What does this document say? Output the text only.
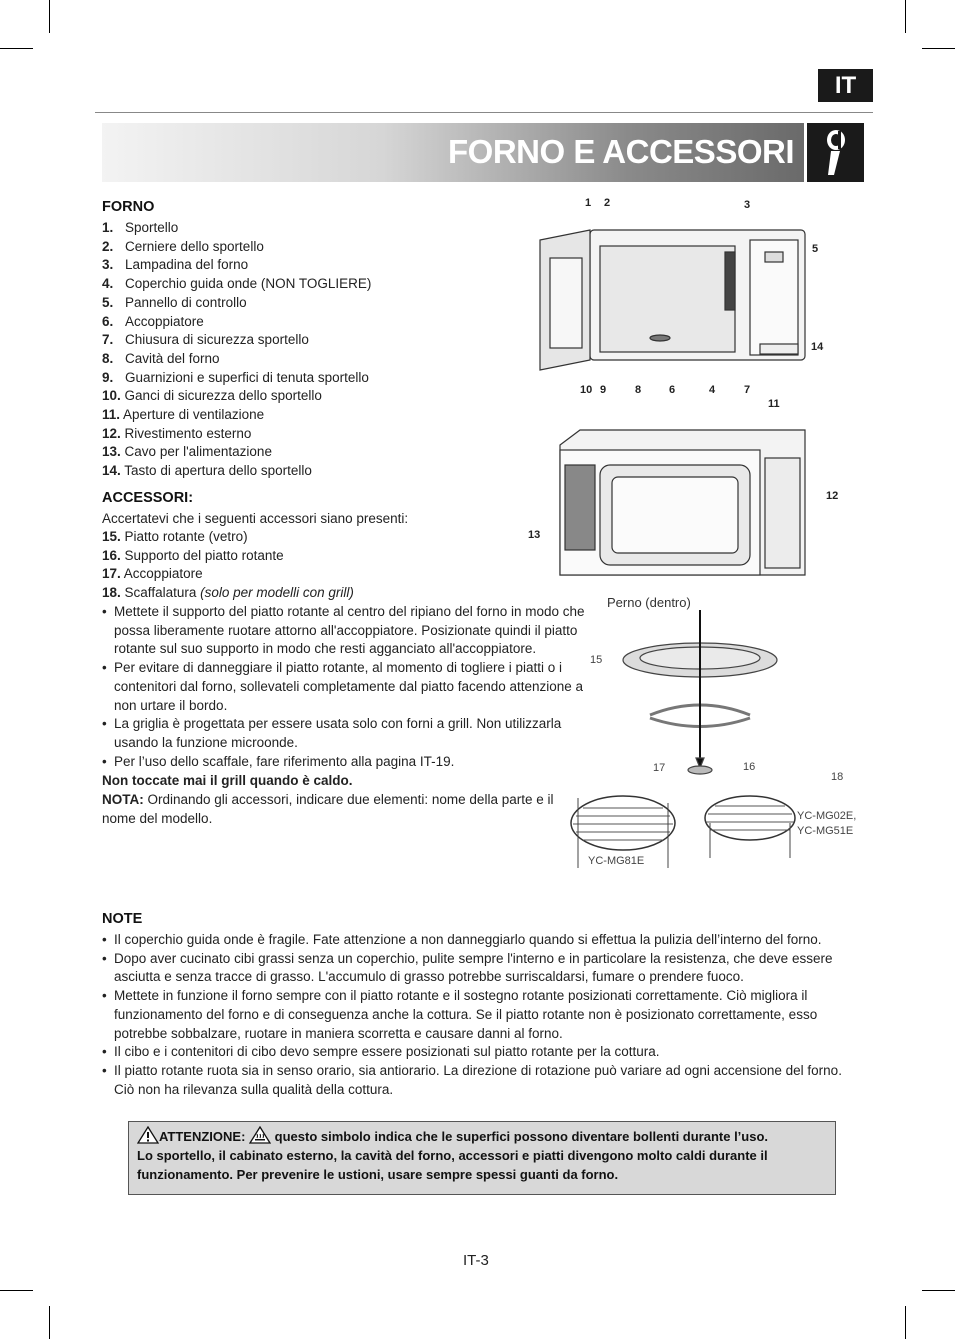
IT
FORNO E ACCESSORI
FORNO
1. Sportello
2. Cerniere dello sportello
3. Lampadina del forno
4. Coperchio guida onde (NON TOGLIERE)
5. Pannello di controllo
6. Accoppiatore
7. Chiusura di sicurezza sportello
8. Cavità del forno
9. Guarnizioni e superfici di tenuta sportello
10. Ganci di sicurezza dello sportello
11. Aperture di ventilazione
12. Rivestimento esterno
13. Cavo per l'alimentazione
14. Tasto di apertura dello sportello
ACCESSORI:
Accertatevi che i seguenti accessori siano presenti:
15. Piatto rotante (vetro)
16. Supporto del piatto rotante
17. Accoppiatore
18. Scaffalatura (solo per modelli con grill)
• Mettete il supporto del piatto rotante al centro del ripiano del forno in modo che possa liberamente ruotare attorno all'accoppiatore. Posizionate quindi il piatto rotante sul suo supporto in modo che resti agganciato all'accoppiatore.
• Per evitare di danneggiare il piatto rotante, al momento di togliere i piatti o i contenitori dal forno, sollevateli completamente dal piatto facendo attenzione a non urtare il bordo.
• La griglia è progettata per essere usata solo con forni a grill. Non utilizzarla usando la funzione microonde.
• Per l’uso dello scaffale, fare riferimento alla pagina IT-19.
Non toccate mai il grill quando è caldo.
NOTA: Ordinando gli accessori, indicare due elementi: nome della parte e il nome del modello.
1 2	3
5
14
10 9	8	6	4	7
11
12
13
Perno (dentro)
15
16
17
18
YC-MG81E
YC-MG02E,
YC-MG51E
NOTE
• Il coperchio guida onde è fragile. Fate attenzione a non danneggiarlo quando si effettua la pulizia dell’interno del forno.
• Dopo aver cucinato cibi grassi senza un coperchio, pulite sempre l'interno e in particolare la resistenza, che deve essere asciutta e senza tracce di grasso. L'accumulo di grasso potrebbe surriscaldarsi, fumare o prendere fuoco.
• Mettete in funzione il forno sempre con il piatto rotante e il sostegno rotante posizionati correttamente. Ciò migliora il funzionamento del forno e di conseguenza anche la cottura. Se il piatto rotante non è posizionato correttamente, esso potrebbe sobbalzare, ruotare in maniera scorretta e causare danni al forno.
• Il cibo e i contenitori di cibo devo sempre essere posizionati sul piatto rotante per la cottura.
• Il piatto rotante ruota sia in senso orario, sia antiorario. La direzione di rotazione può variare ad ogni accensione del forno. Ciò non ha rilevanza sulla qualità della cottura.
ATTENZIONE:  questo simbolo indica che le superfici possono diventare bollenti durante l’uso.
Lo sportello, il cabinato esterno, la cavità del forno, accessori e piatti divengono molto caldi durante il funzionamento. Per prevenire le ustioni, usare sempre spessi guanti da forno.
IT-3
